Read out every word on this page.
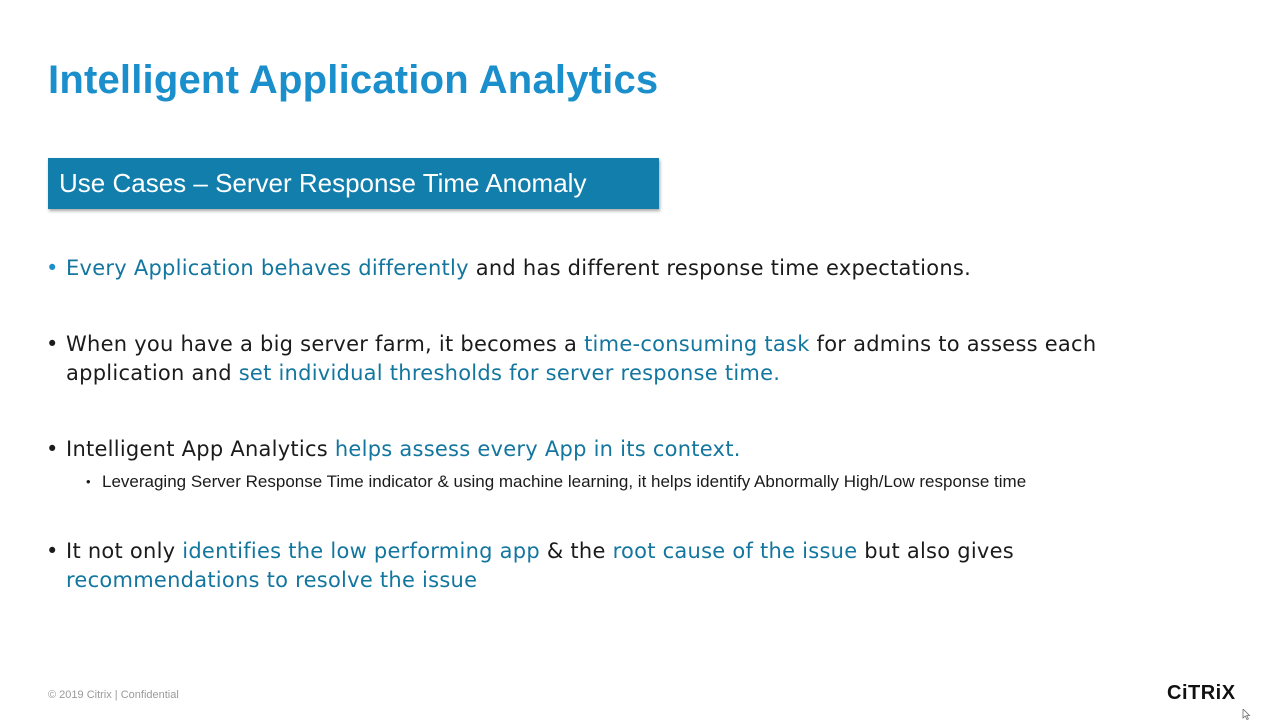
Intelligent Application Analytics
Use Cases – Server Response Time Anomaly
• Every Application behaves differently and has different response time expectations.
• When you have a big server farm, it becomes a time-consuming task for admins to assess each
application and set individual thresholds for server response time.
• Intelligent App Analytics helps assess every App in its context.
• Leveraging Server Response Time indicator & using machine learning, it helps identify Abnormally High/Low response time
• It not only identifies the low performing app & the root cause of the issue but also gives
recommendations to resolve the issue
© 2019 Citrix | Confidential	CiTRiX
